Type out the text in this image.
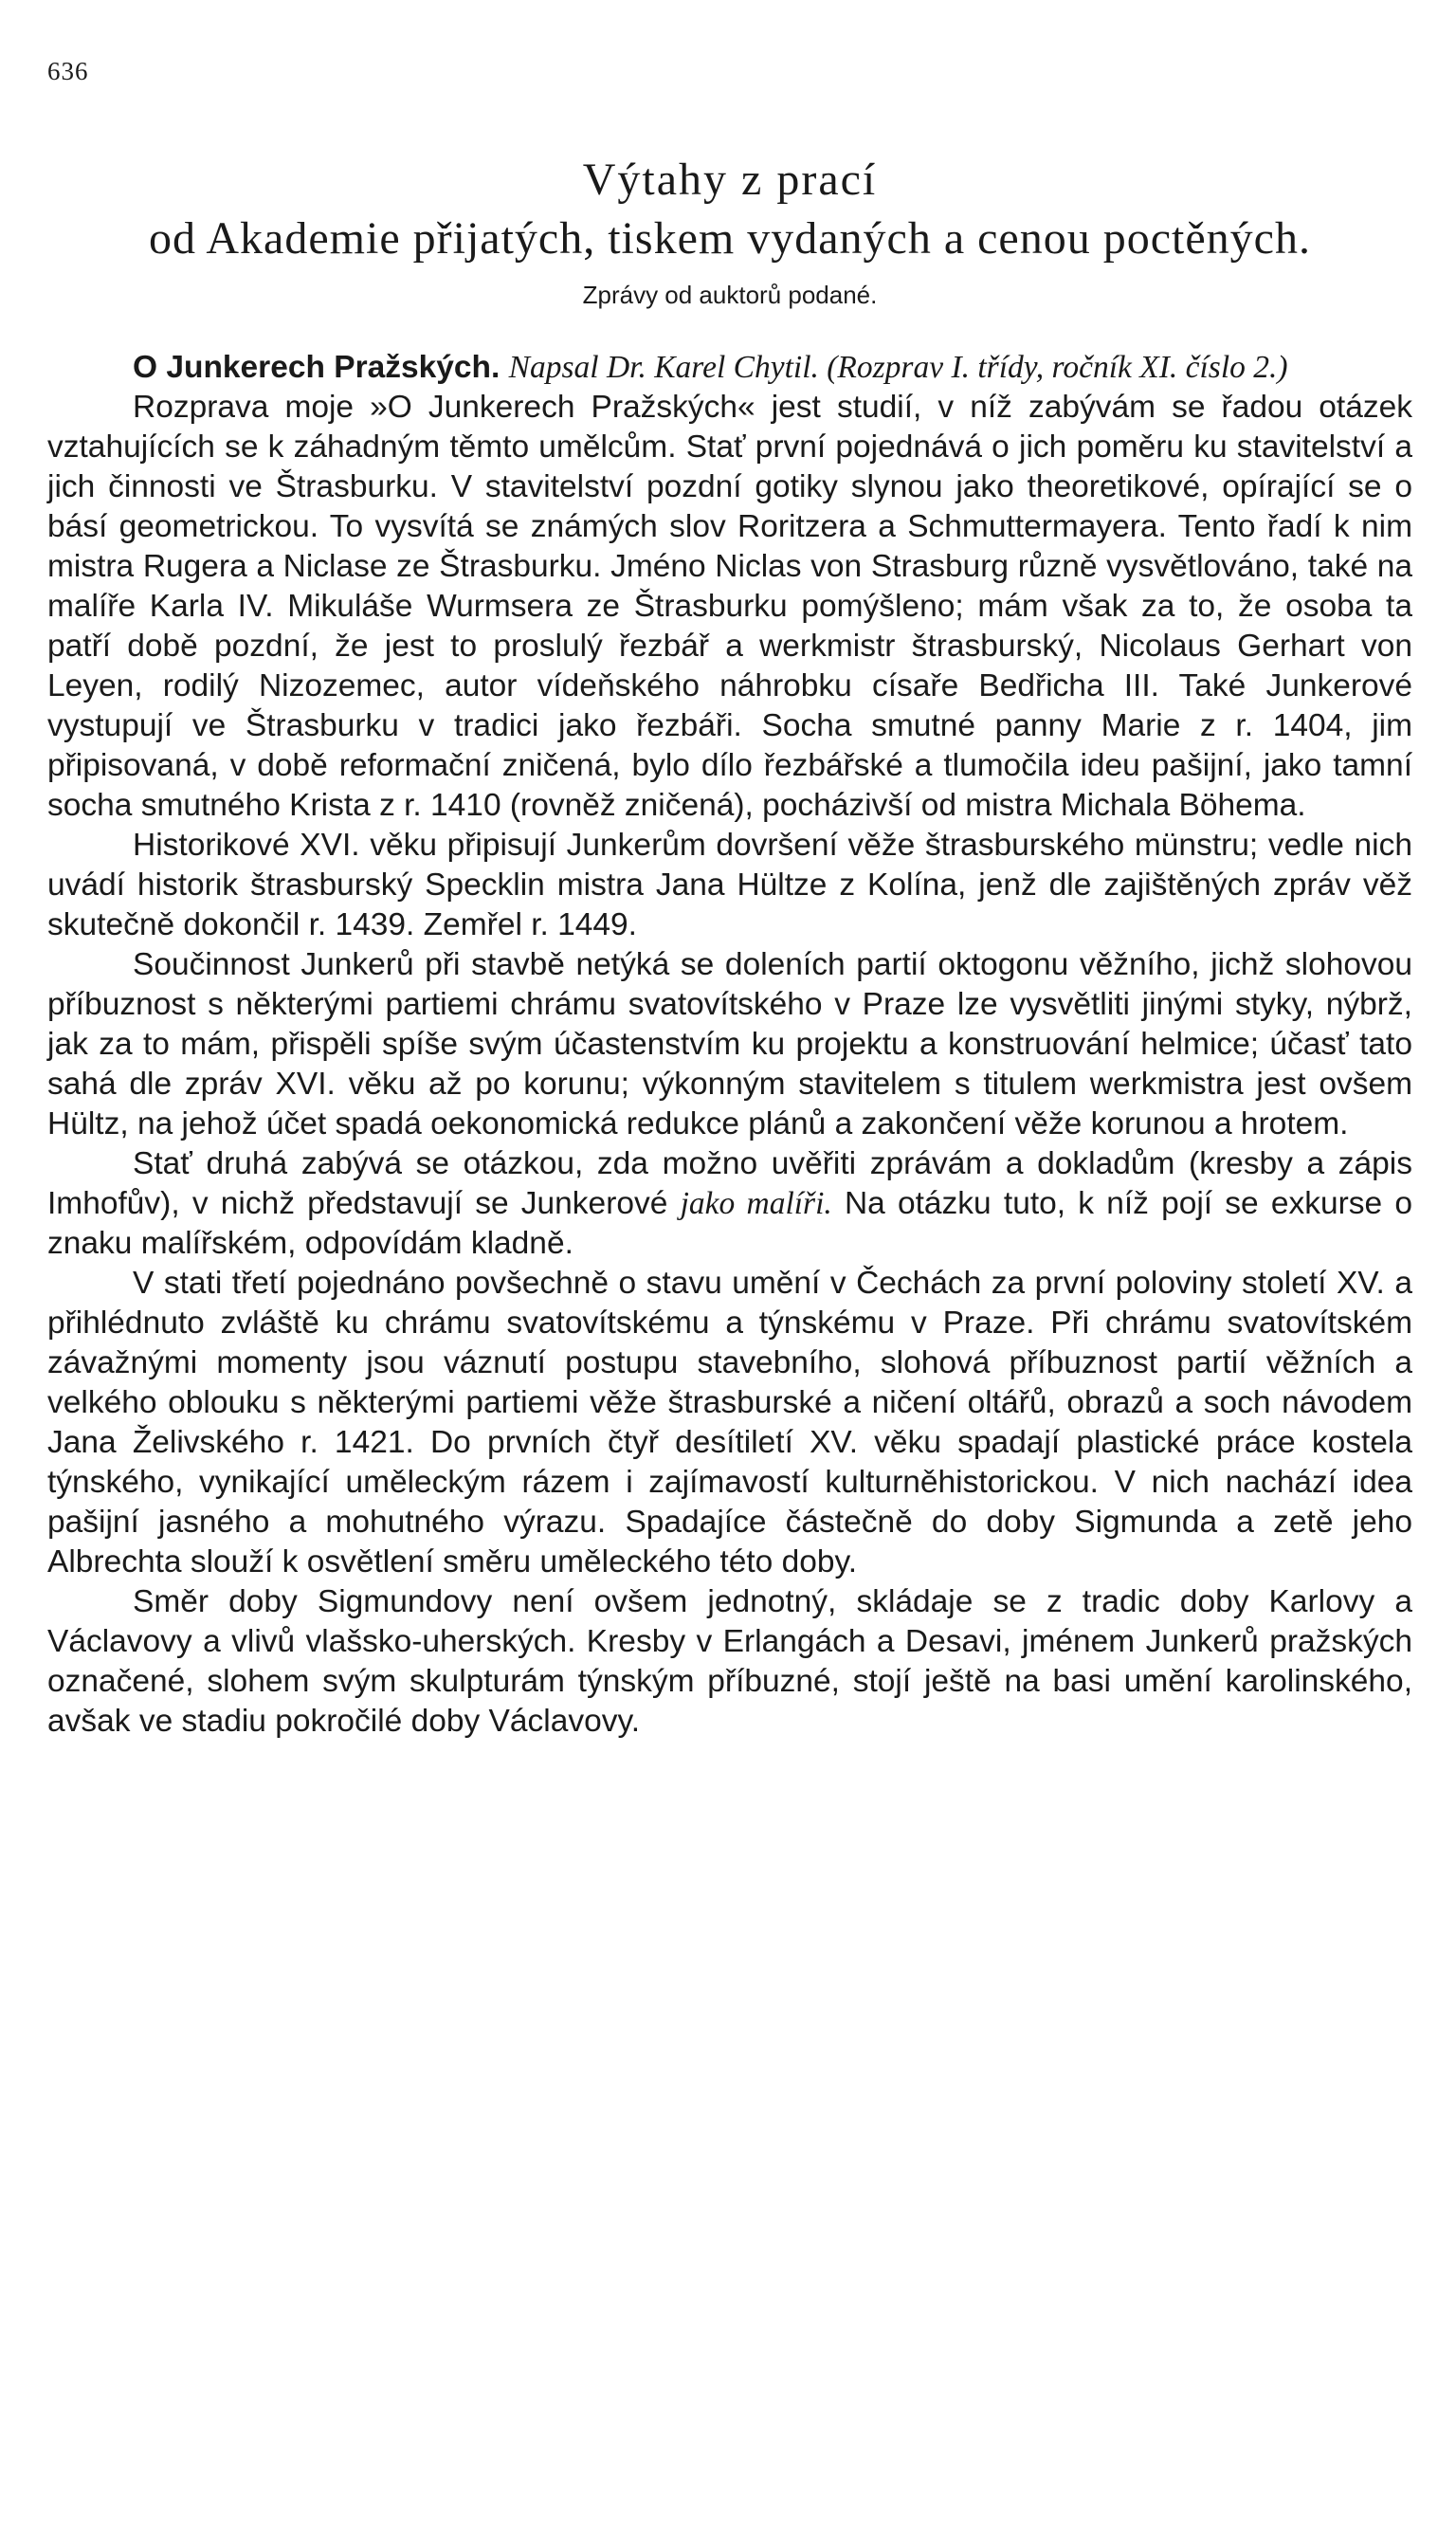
636
Výtahy z prací
od Akademie přijatých, tiskem vydaných a cenou poctěných.
Zprávy od auktorů podané.

O Junkerech Pražských. Napsal Dr. Karel Chytil. (Rozprav I. třídy, ročník XI. číslo 2.)

Rozprava moje »O Junkerech Pražských« jest studií, v níž zabývám se řadou otázek vztahujících se k záhadným těmto umělcům. Stať první pojednává o jich poměru ku stavitelství a jich činnosti ve Štrasburku. V stavitelství pozdní gotiky slynou jako theoretikové, opírající se o básí geometrickou. To vysvítá se známých slov Roritzera a Schmuttermayera. Tento řadí k nim mistra Rugera a Niclase ze Štrasburku. Jméno Niclas von Strasburg různě vysvětlováno, také na malíře Karla IV. Mikuláše Wurmsera ze Štrasburku pomýšleno; mám však za to, že osoba ta patří době pozdní, že jest to proslulý řezbář a werkmistr štrasburský, Nicolaus Gerhart von Leyen, rodilý Nizozemec, autor vídeňského náhrobku císaře Bedřicha III. Také Junkerové vystupují ve Štrasburku v tradici jako řezbáři. Socha smutné panny Marie z r. 1404, jim připisovaná, v době reformační zničená, bylo dílo řezbářské a tlumočila ideu pašijní, jako tamní socha smutného Krista z r. 1410 (rovněž zničená), pocházivší od mistra Michala Böhema.

Historikové XVI. věku připisují Junkerům dovršení věže štrasburského münstru; vedle nich uvádí historik štrasburský Specklin mistra Jana Hültze z Kolína, jenž dle zajištěných zpráv věž skutečně dokončil r. 1439. Zemřel r. 1449.

Součinnost Junkerů při stavbě netýká se doleních partií oktogonu věžního, jichž slohovou příbuznost s některými partiemi chrámu svatovítského v Praze lze vysvětliti jinými styky, nýbrž, jak za to mám, přispěli spíše svým účastenstvím ku projektu a konstruování helmice; účasť tato sahá dle zpráv XVI. věku až po korunu; výkonným stavitelem s titulem werkmistra jest ovšem Hültz, na jehož účet spadá oekonomická redukce plánů a zakončení věže korunou a hrotem.

Stať druhá zabývá se otázkou, zda možno uvěřiti zprávám a dokladům (kresby a zápis Imhofův), v nichž představují se Junkerové jako malíři. Na otázku tuto, k níž pojí se exkurse o znaku malířském, odpovídám kladně.

V stati třetí pojednáno povšechně o stavu umění v Čechách za první poloviny století XV. a přihlédnuto zvláště ku chrámu svatovítskému a týnskému v Praze. Při chrámu svatovítském závažnými momenty jsou váznutí postupu stavebního, slohová příbuznost partií věžních a velkého oblouku s některými partiemi věže štrasburské a ničení oltářů, obrazů a soch návodem Jana Želivského r. 1421. Do prvních čtyř desítiletí XV. věku spadají plastické práce kostela týnského, vynikající uměleckým rázem i zajímavostí kulturněhistorickou. V nich nachází idea pašijní jasného a mohutného výrazu. Spadajíce částečně do doby Sigmunda a zetě jeho Albrechta slouží k osvětlení směru uměleckého této doby.

Směr doby Sigmundovy není ovšem jednotný, skládaje se z tradic doby Karlovy a Václavovy a vlivů vlašsko-uherských. Kresby v Erlangách a Desavi, jménem Junkerů pražských označené, slohem svým skulpturám týnským příbuzné, stojí ještě na basi umění karolinského, avšak ve stadiu pokročilé doby Václavovy.
